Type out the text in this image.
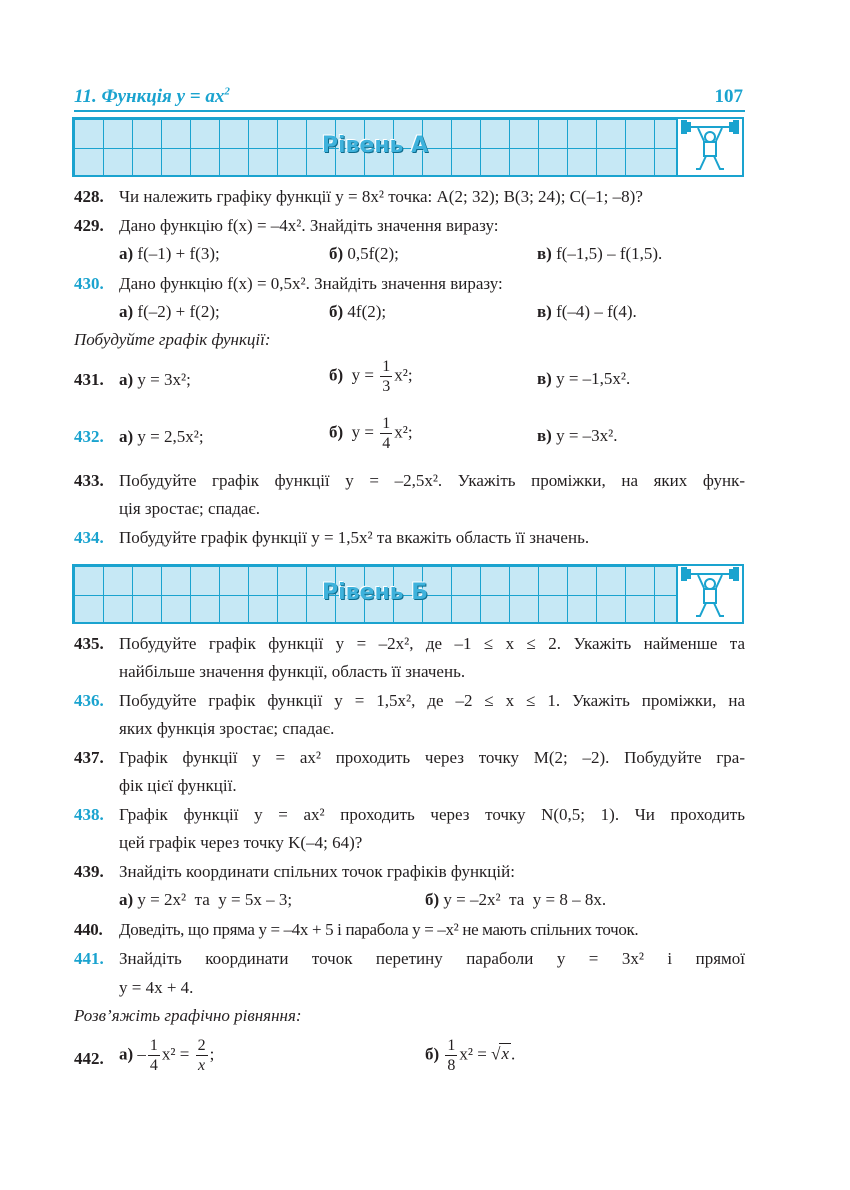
11. Функція $y = ax^2$	107
Рівень А
428. Чи належить графіку функції y = 8x² точка: A(2; 32); B(3; 24); C(–1; –8)?
429. Дано функцію f(x) = –4x². Знайдіть значення виразу:
а) f(–1) + f(3);	б) 0,5f(2);	в) f(–1,5) – f(1,5).
430. Дано функцію f(x) = 0,5x². Знайдіть значення виразу:
а) f(–2) + f(2);	б) 4f(2);	в) f(–4) – f(4).
Побудуйте графік функції:
431. а) y = 3x²;	б) $y = \frac{1}{3} x^2$;	в) y = –1,5x².
432. а) y = 2,5x²;	б) $y = \frac{1}{4} x^2$;	в) y = –3x².
433. Побудуйте графік функції y = –2,5x². Укажіть проміжки, на яких функ-
ція зростає; спадає.
434. Побудуйте графік функції y = 1,5x² та вкажіть область її значень.
Рівень Б
435. Побудуйте графік функції y = –2x², де –1 ≤ x ≤ 2. Укажіть найменше та
найбільше значення функції, область її значень.
436. Побудуйте графік функції y = 1,5x², де –2 ≤ x ≤ 1. Укажіть проміжки, на
яких функція зростає; спадає.
437. Графік функції y = ax² проходить через точку M(2; –2). Побудуйте гра-
фік цієї функції.
438. Графік функції y = ax² проходить через точку N(0,5; 1). Чи проходить
цей графік через точку K(–4; 64)?
439. Знайдіть координати спільних точок графіків функцій:
а) y = 2x²  та  y = 5x – 3;	б) y = –2x²  та  y = 8 – 8x.
440. Доведіть, що пряма y = –4x + 5 і парабола y = –x² не мають спільних точок.
441. Знайдіть координати точок перетину параболи y = 3x² і прямої
y = 4x + 4.
Розв’яжіть графічно рівняння:
442. $а) - \frac{1}{4} x^2 = \frac{2}{x}$ ;	$б) \frac{1}{8} x^2 = √x$ .
